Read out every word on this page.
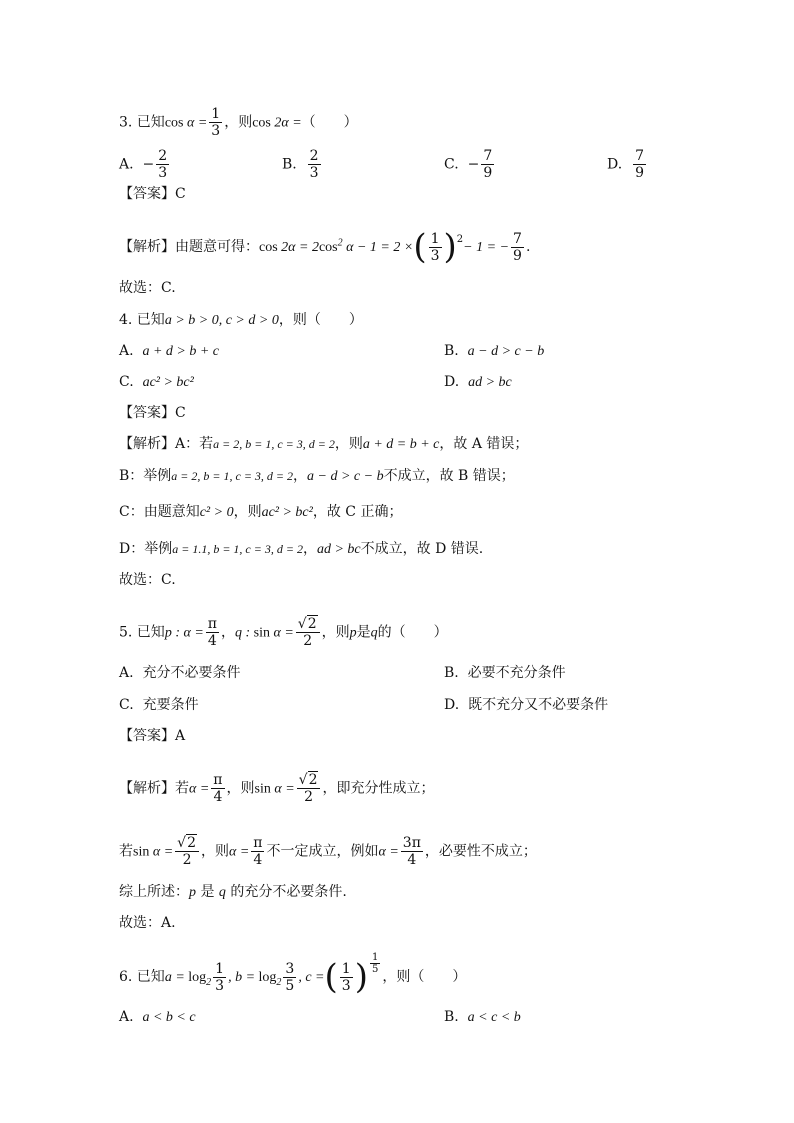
3. 已知$\cos \alpha = \frac{1}{3}$ ，则cos 2α =（　　）
A.  − $\frac{2}{3}$	B. $\frac{2}{3}$	C.  − $\frac{7}{9}$	D. $\frac{7}{9}$
【答案】C
【解析】由题意可得：$\cos 2\alpha = 2\cos^2$ α − 1 = 2 × ( $\frac{1}{3} )^2$
− 1 = − $\frac{7}{9}$ .
故选：C.
4. 已知a > b > 0, c > d > 0，则（　　）
A. a + d > b + c	B. a − d > c − b
C. ac² > bc²	D. ad > bc
【答案】C
【解析】A：若a = 2, b = 1, c = 3, d = 2，则a + d = b + c，故 A 错误；
B：举例a = 2, b = 1, c = 3, d = 2，a − d > c − b不成立，故 B 错误；
C：由题意知c² > 0，则ac² > bc²，故 C 正确；
D：举例a = 1.1, b = 1, c = 3, d = 2，ad > bc不成立，故 D 错误.
故选：C.
5. 已知p : $\alpha = \frac{\pi}{4}$ ，q : $\sin \alpha = \frac{√2}{2}$ ，则p是q的（　　）
A. 充分不必要条件	B. 必要不充分条件
C. 充要条件	D. 既不充分又不必要条件
【答案】A
【解析】若$\alpha = \frac{\pi}{4}$ ，则$\sin \alpha = \frac{√2}{2}$ ，即充分性成立；
若$\sin \alpha = \frac{√2}{2}$ ，则$\alpha = \frac{\pi}{4}$ 不一定成立，例如$\alpha = \frac{3\pi}{4}$ ，必要性不成立；
综上所述：p 是 q 的充分不必要条件.
故选：A.
6. 已知$a = \log_2 \frac{1}{3}$ , $b = \log_2 \frac{3}{5}$ , c = ( $\frac{1}{3}$ ) $\frac{1}{5}$
，则（　　）
A. a < b < c	B. a < c < b
